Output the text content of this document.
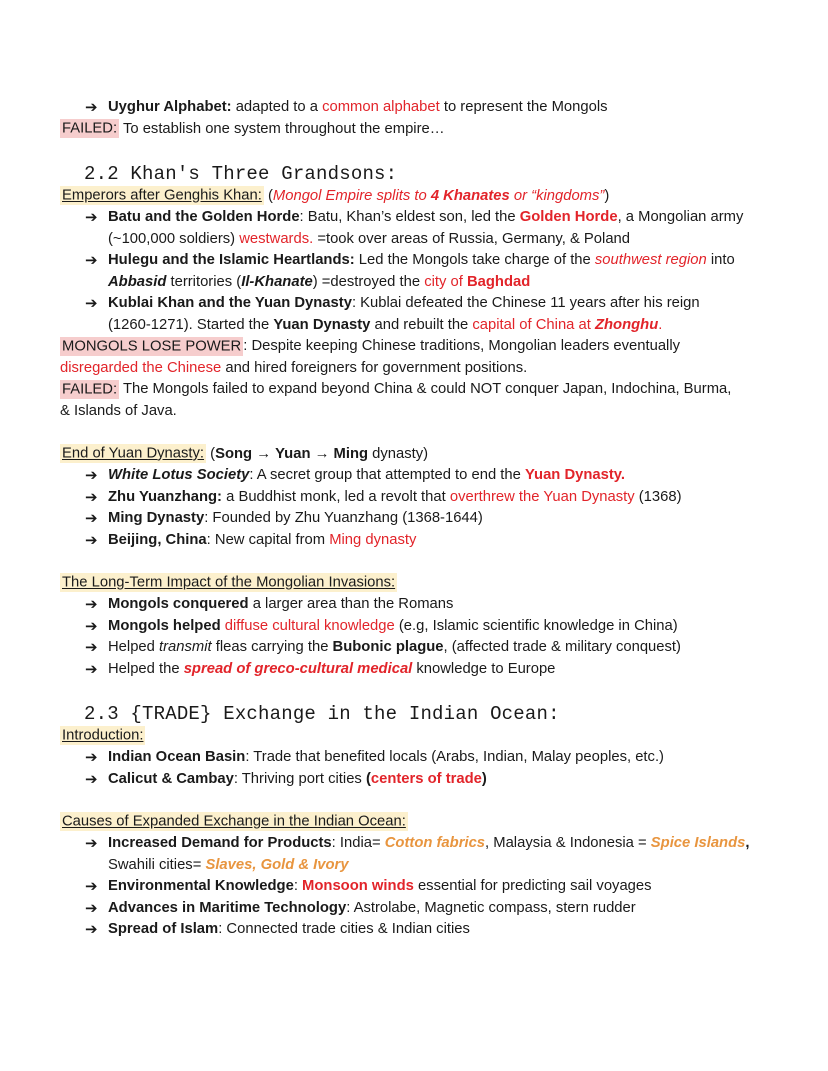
➔ Uyghur Alphabet: adapted to a common alphabet to represent the Mongols
FAILED: To establish one system throughout the empire…
2.2 Khan's Three Grandsons:
Emperors after Genghis Khan: (Mongol Empire splits to 4 Khanates or “kingdoms”)
➔ Batu and the Golden Horde: Batu, Khan’s eldest son, led the Golden Horde, a Mongolian army
(~100,000 soldiers) westwards. =took over areas of Russia, Germany, & Poland
➔ Hulegu and the Islamic Heartlands: Led the Mongols take charge of the southwest region into
Abbasid territories (Il-Khanate) =destroyed the city of Baghdad
➔ Kublai Khan and the Yuan Dynasty: Kublai defeated the Chinese 11 years after his reign
(1260-1271). Started the Yuan Dynasty and rebuilt the capital of China at Zhonghu.
MONGOLS LOSE POWER : Despite keeping Chinese traditions, Mongolian leaders eventually
disregarded the Chinese and hired foreigners for government positions.
FAILED: The Mongols failed to expand beyond China & could NOT conquer Japan, Indochina, Burma,
& Islands of Java.
End of Yuan Dynasty: (Song → Yuan → Ming dynasty)
➔ White Lotus Society: A secret group that attempted to end the Yuan Dynasty.
➔ Zhu Yuanzhang: a Buddhist monk, led a revolt that overthrew the Yuan Dynasty (1368)
➔ Ming Dynasty: Founded by Zhu Yuanzhang (1368-1644)
➔ Beijing, China: New capital from Ming dynasty
The Long-Term Impact of the Mongolian Invasions:
➔ Mongols conquered a larger area than the Romans
➔ Mongols helped diffuse cultural knowledge (e.g, Islamic scientific knowledge in China)
➔ Helped transmit fleas carrying the Bubonic plague, (affected trade & military conquest)
➔ Helped the spread of greco-cultural medical knowledge to Europe
2.3 {TRADE} Exchange in the Indian Ocean:
Introduction:
➔ Indian Ocean Basin: Trade that benefited locals (Arabs, Indian, Malay peoples, etc.)
➔ Calicut & Cambay: Thriving port cities (centers of trade)
Causes of Expanded Exchange in the Indian Ocean:
➔ Increased Demand for Products: India= Cotton fabrics, Malaysia & Indonesia = Spice Islands,
Swahili cities= Slaves, Gold & Ivory
➔ Environmental Knowledge: Monsoon winds essential for predicting sail voyages
➔ Advances in Maritime Technology: Astrolabe, Magnetic compass, stern rudder
➔ Spread of Islam: Connected trade cities & Indian cities
